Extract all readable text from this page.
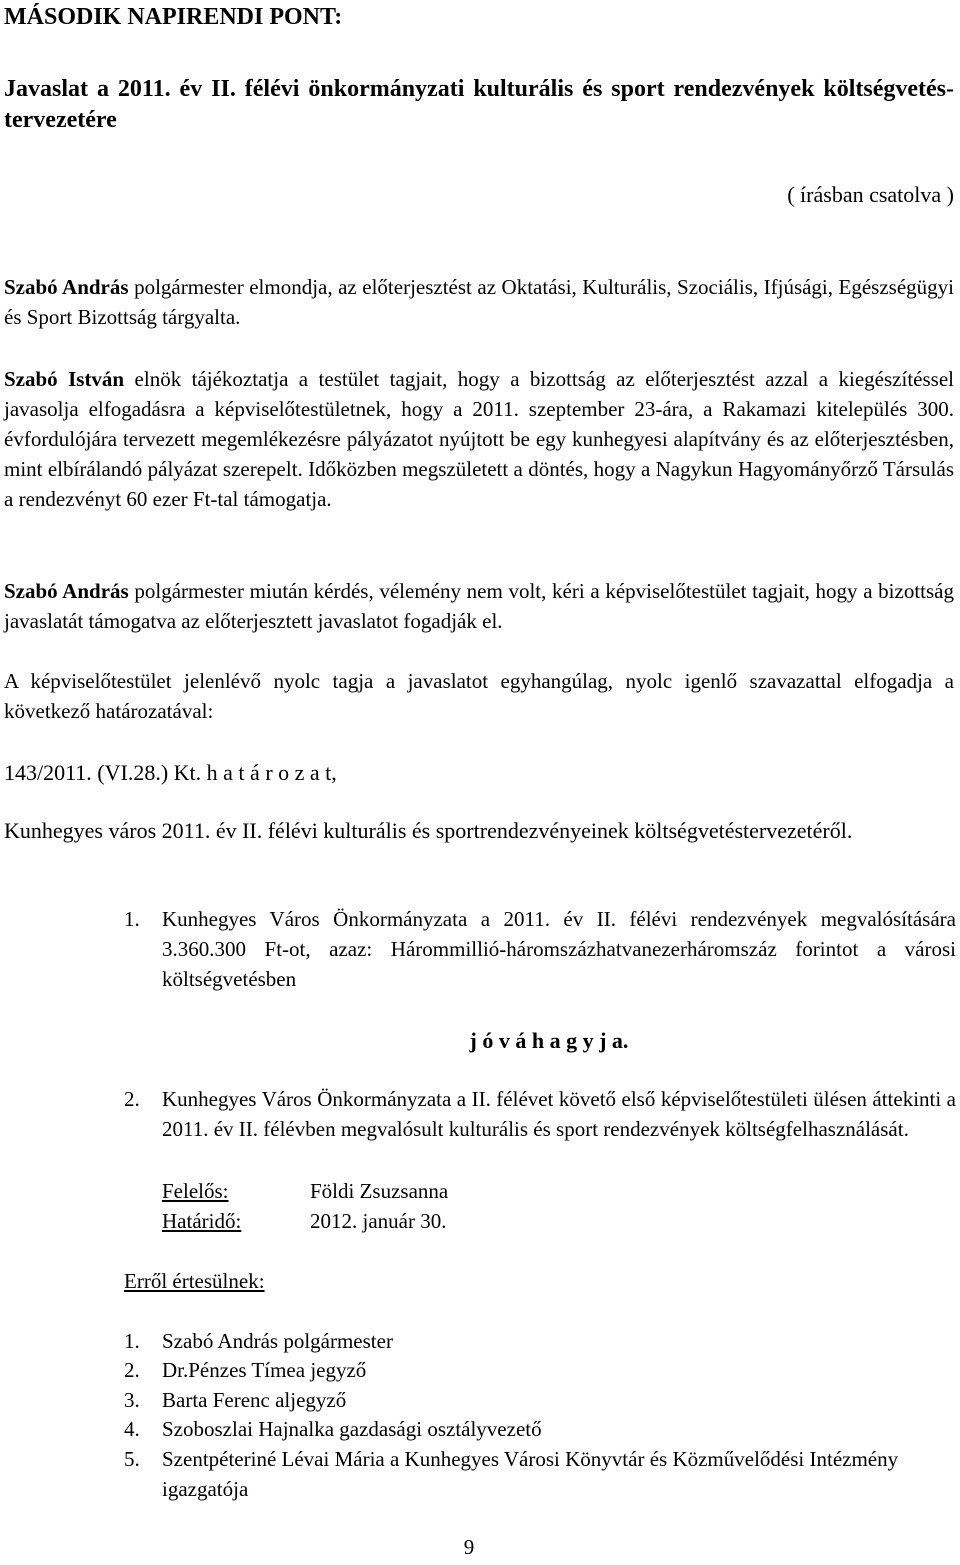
MÁSODIK NAPIRENDI PONT:
Javaslat a 2011. év II. félévi önkormányzati kulturális és sport rendezvények költségvetés-tervezetére
( írásban csatolva )

Szabó András polgármester elmondja, az előterjesztést az Oktatási, Kulturális, Szociális, Ifjúsági, Egészségügyi és Sport Bizottság tárgyalta.

Szabó István elnök tájékoztatja a testület tagjait, hogy a bizottság az előterjesztést azzal a kiegészítéssel javasolja elfogadásra a képviselőtestületnek, hogy a 2011. szeptember 23-ára, a Rakamazi kitelepülés 300. évfordulójára tervezett megemlékezésre pályázatot nyújtott be egy kunhegyesi alapítvány és az előterjesztésben, mint elbírálandó pályázat szerepelt. Időközben megszületett a döntés, hogy a Nagykun Hagyományőrző Társulás a rendezvényt 60 ezer Ft-tal támogatja.

Szabó András polgármester miután kérdés, vélemény nem volt, kéri a képviselőtestület tagjait, hogy a bizottság javaslatát támogatva az előterjesztett javaslatot fogadják el.

A képviselőtestület jelenlévő nyolc tagja a javaslatot egyhangúlag, nyolc igenlő szavazattal elfogadja a következő határozatával:

143/2011. (VI.28.) Kt. h a t á r o z a t,

Kunhegyes város 2011. év II. félévi kulturális és sportrendezvényeinek költségvetéstervezetéről.

1.	Kunhegyes Város Önkormányzata a 2011. év II. félévi rendezvények megvalósítására 3.360.300 Ft-ot, azaz: Hárommillió-háromszázhatvanezerháromszáz forintot a városi költségvetésben
j ó v á h a g y j a.
2.	Kunhegyes Város Önkormányzata a II. félévet követő első képviselőtestületi ülésen áttekinti a 2011. év II. félévben megvalósult kulturális és sport rendezvények költségfelhasználását.
Felelős:	Földi Zsuzsanna
Határidő:	2012. január 30.
Erről értesülnek:
1. Szabó András polgármester
2. Dr.Pénzes Tímea jegyző
3. Barta Ferenc aljegyző
4. Szoboszlai Hajnalka gazdasági osztályvezető
5. Szentpéteriné Lévai Mária a Kunhegyes Városi Könyvtár és Közművelődési Intézmény igazgatója
9
